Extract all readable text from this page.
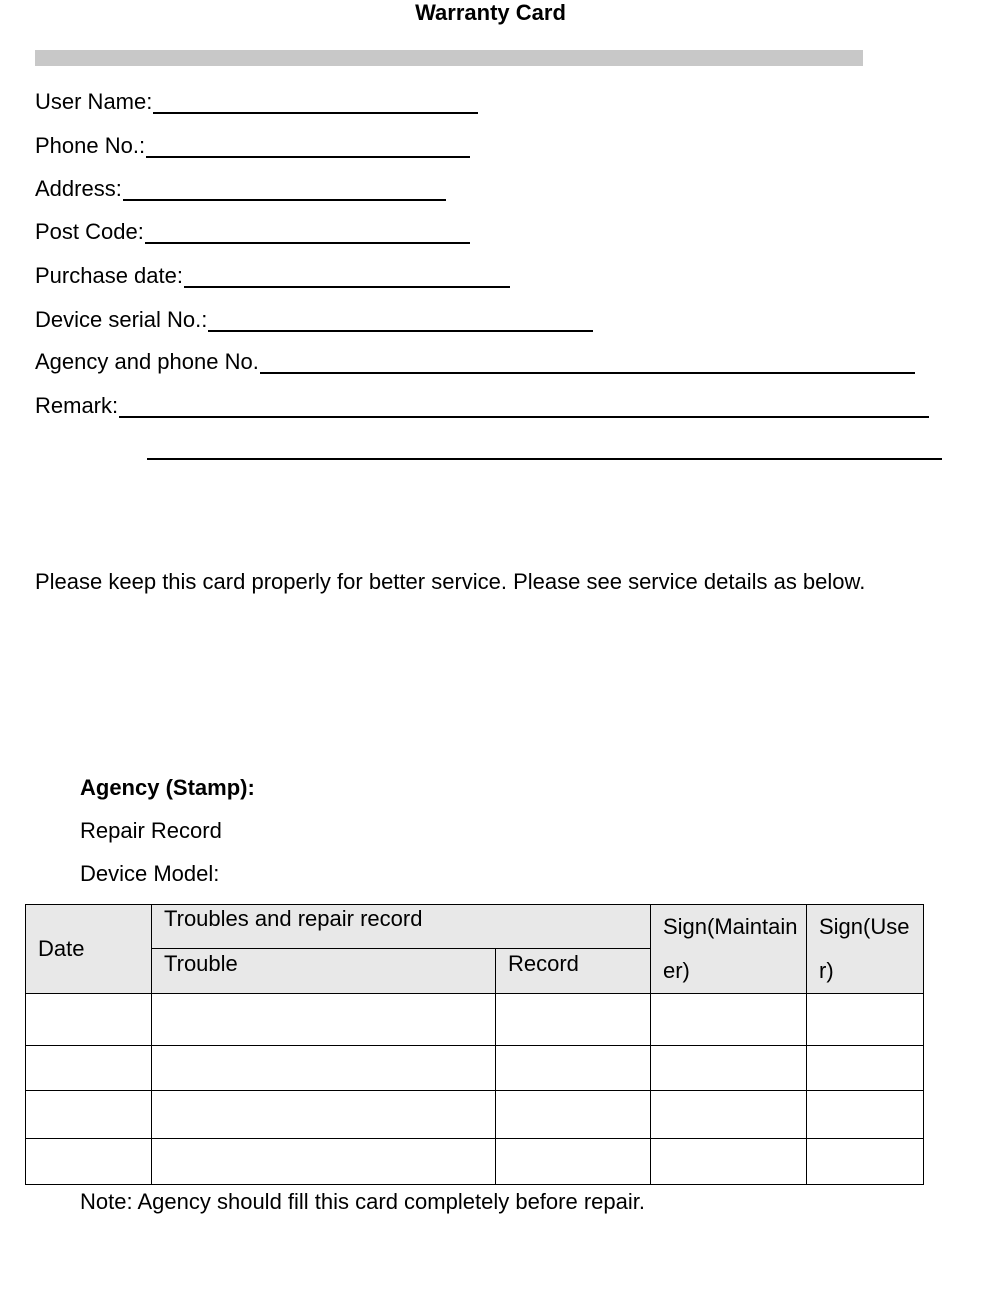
Warranty Card
User Name:
Phone No.:
Address:
Post Code:
Purchase date:
Device serial No.:
Agency and phone No.
Remark:
Please keep this card properly for better service. Please see service details as below.
Agency (Stamp):
Repair Record
Device Model:
Date	Troubles and repair record		Sign(Maintainer)	Sign(User)
	Trouble	Record		

Note: Agency should fill this card completely before repair.
